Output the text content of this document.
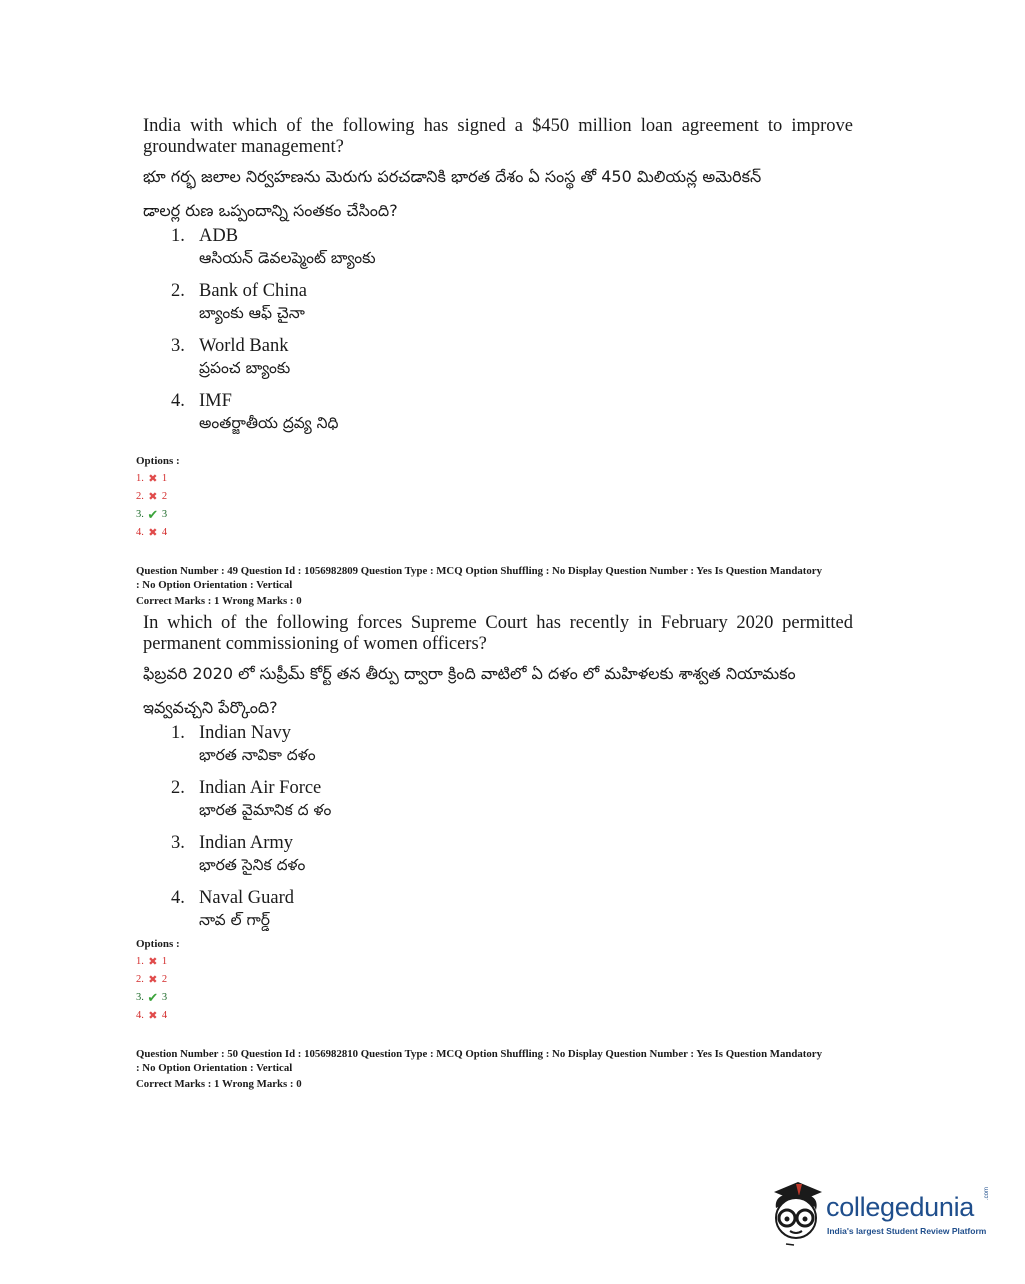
India with which of the following has signed a $450 million loan agreement to improve groundwater management?

భూ గర్భ జలాల నిర్వహణను మెరుగు పరచడానికి భారత దేశం ఏ సంస్థ తో 450 మిలియన్ల అమెరికన్
డాలర్ల రుణ ఒప్పందాన్ని సంతకం చేసింది?
1. ADB
ఆసియన్ డెవలప్మెంట్ బ్యాంకు
2. Bank of China
బ్యాంకు ఆఫ్ చైనా
3. World Bank
ప్రపంచ బ్యాంకు
4. IMF
అంతర్జాతీయ ద్రవ్య నిధి
Options :
1. ✖ 1
2. ✖ 2
3. ✔ 3
4. ✖ 4
Question Number : 49 Question Id : 1056982809 Question Type : MCQ Option Shuffling : No Display Question Number : Yes Is Question Mandatory
: No Option Orientation : Vertical
Correct Marks : 1 Wrong Marks : 0

In which of the following forces Supreme Court has recently in February 2020 permitted permanent commissioning of women officers?

ఫిబ్రవరి 2020 లో సుప్రీమ్ కోర్ట్ తన తీర్పు ద్వారా క్రింది వాటిలో ఏ దళం లో మహిళలకు శాశ్వత నియామకం
ఇవ్వవచ్చని పేర్కొంది?
1. Indian Navy
భారత నావికా దళం
2. Indian Air Force
భారత వైమానిక ద ళం
3. Indian Army
భారత సైనిక దళం
4. Naval Guard
నావ ల్ గార్డ్
Options :
1. ✖ 1
2. ✖ 2
3. ✔ 3
4. ✖ 4
Question Number : 50 Question Id : 1056982810 Question Type : MCQ Option Shuffling : No Display Question Number : Yes Is Question Mandatory
: No Option Orientation : Vertical
Correct Marks : 1 Wrong Marks : 0
collegedunia .com
India's largest Student Review Platform
